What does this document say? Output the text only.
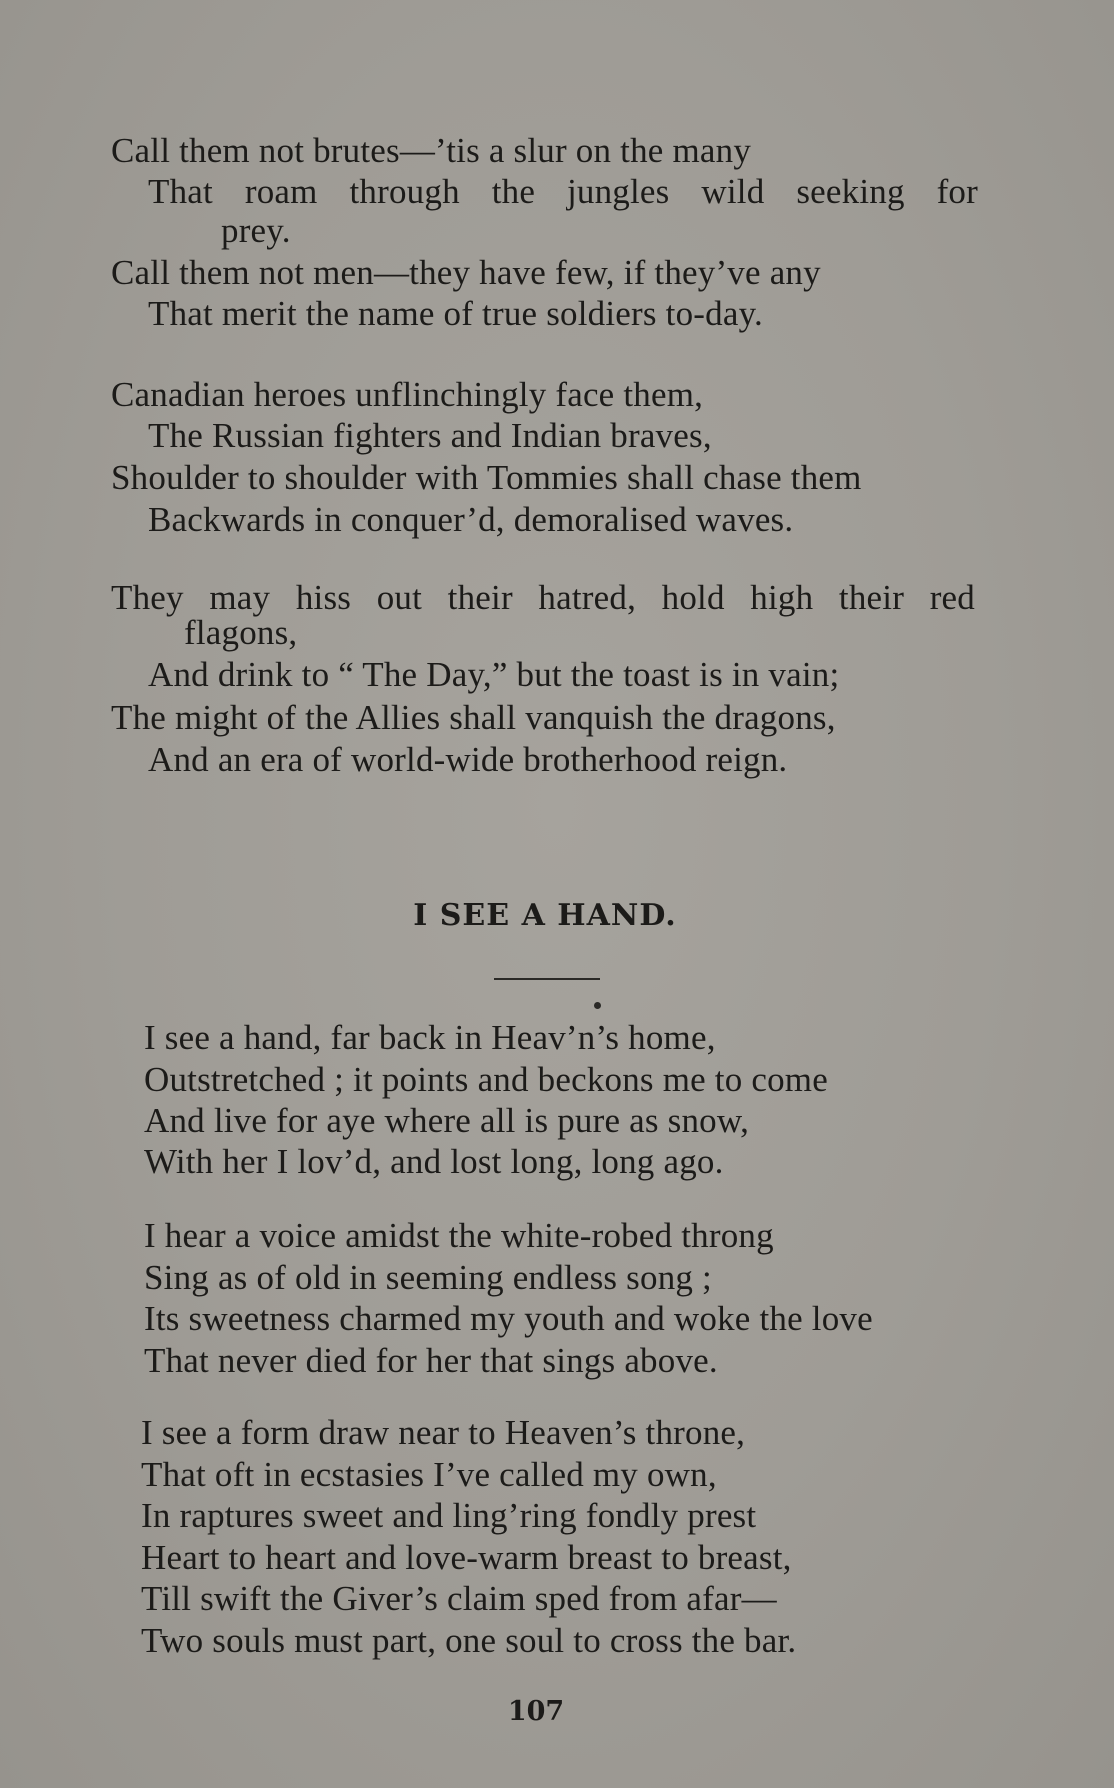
Call them not brutes—’tis a slur on the many
That roam through the jungles wild seeking for
prey.
Call them not men—they have few, if they’ve any
That merit the name of true soldiers to-day.
Canadian heroes unflinchingly face them,
The Russian fighters and Indian braves,
Shoulder to shoulder with Tommies shall chase them
Backwards in conquer’d, demoralised waves.
They may hiss out their hatred, hold high their red
flagons,
And drink to “ The Day,” but the toast is in vain;
The might of the Allies shall vanquish the dragons,
And an era of world-wide brotherhood reign.
I SEE A HAND.
I see a hand, far back in Heav’n’s home,
Outstretched ; it points and beckons me to come
And live for aye where all is pure as snow,
With her I lov’d, and lost long, long ago.
I hear a voice amidst the white-robed throng
Sing as of old in seeming endless song ;
Its sweetness charmed my youth and woke the love
That never died for her that sings above.
I see a form draw near to Heaven’s throne,
That oft in ecstasies I’ve called my own,
In raptures sweet and ling’ring fondly prest
Heart to heart and love-warm breast to breast,
Till swift the Giver’s claim sped from afar—
Two souls must part, one soul to cross the bar.
107
